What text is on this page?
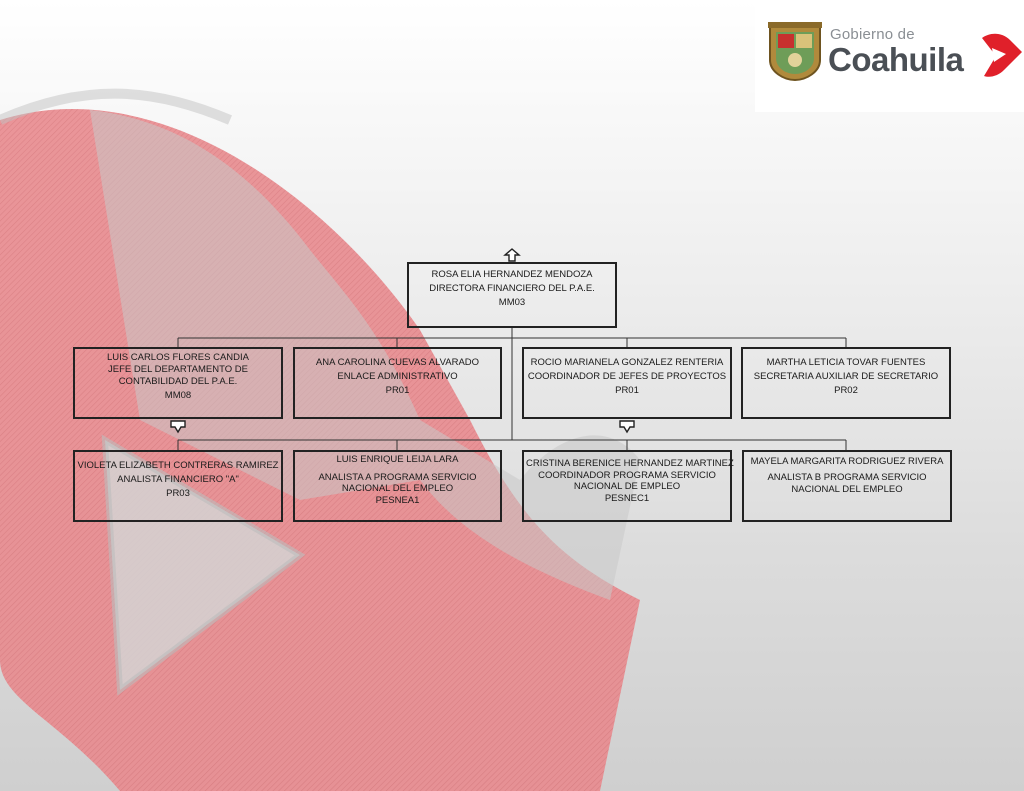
Gobierno de
Coahuila
ROSA ELIA HERNANDEZ MENDOZA
DIRECTORA FINANCIERO DEL P.A.E.
MM03
LUIS CARLOS FLORES CANDIA
JEFE DEL DEPARTAMENTO DE CONTABILIDAD DEL P.A.E.
MM08
ANA CAROLINA CUEVAS ALVARADO
ENLACE ADMINISTRATIVO
PR01
ROCIO MARIANELA GONZALEZ RENTERIA
COORDINADOR DE JEFES DE PROYECTOS
PR01
MARTHA LETICIA TOVAR FUENTES
SECRETARIA AUXILIAR DE SECRETARIO
PR02
VIOLETA ELIZABETH CONTRERAS RAMIREZ
ANALISTA FINANCIERO "A"
PR03
LUIS ENRIQUE LEIJA LARA
ANALISTA A PROGRAMA SERVICIO NACIONAL DEL EMPLEO
PESNEA1
CRISTINA BERENICE HERNANDEZ MARTINEZ
COORDINADOR PROGRAMA SERVICIO NACIONAL DE EMPLEO
PESNEC1
MAYELA MARGARITA RODRIGUEZ RIVERA
ANALISTA B PROGRAMA SERVICIO NACIONAL DEL EMPLEO
